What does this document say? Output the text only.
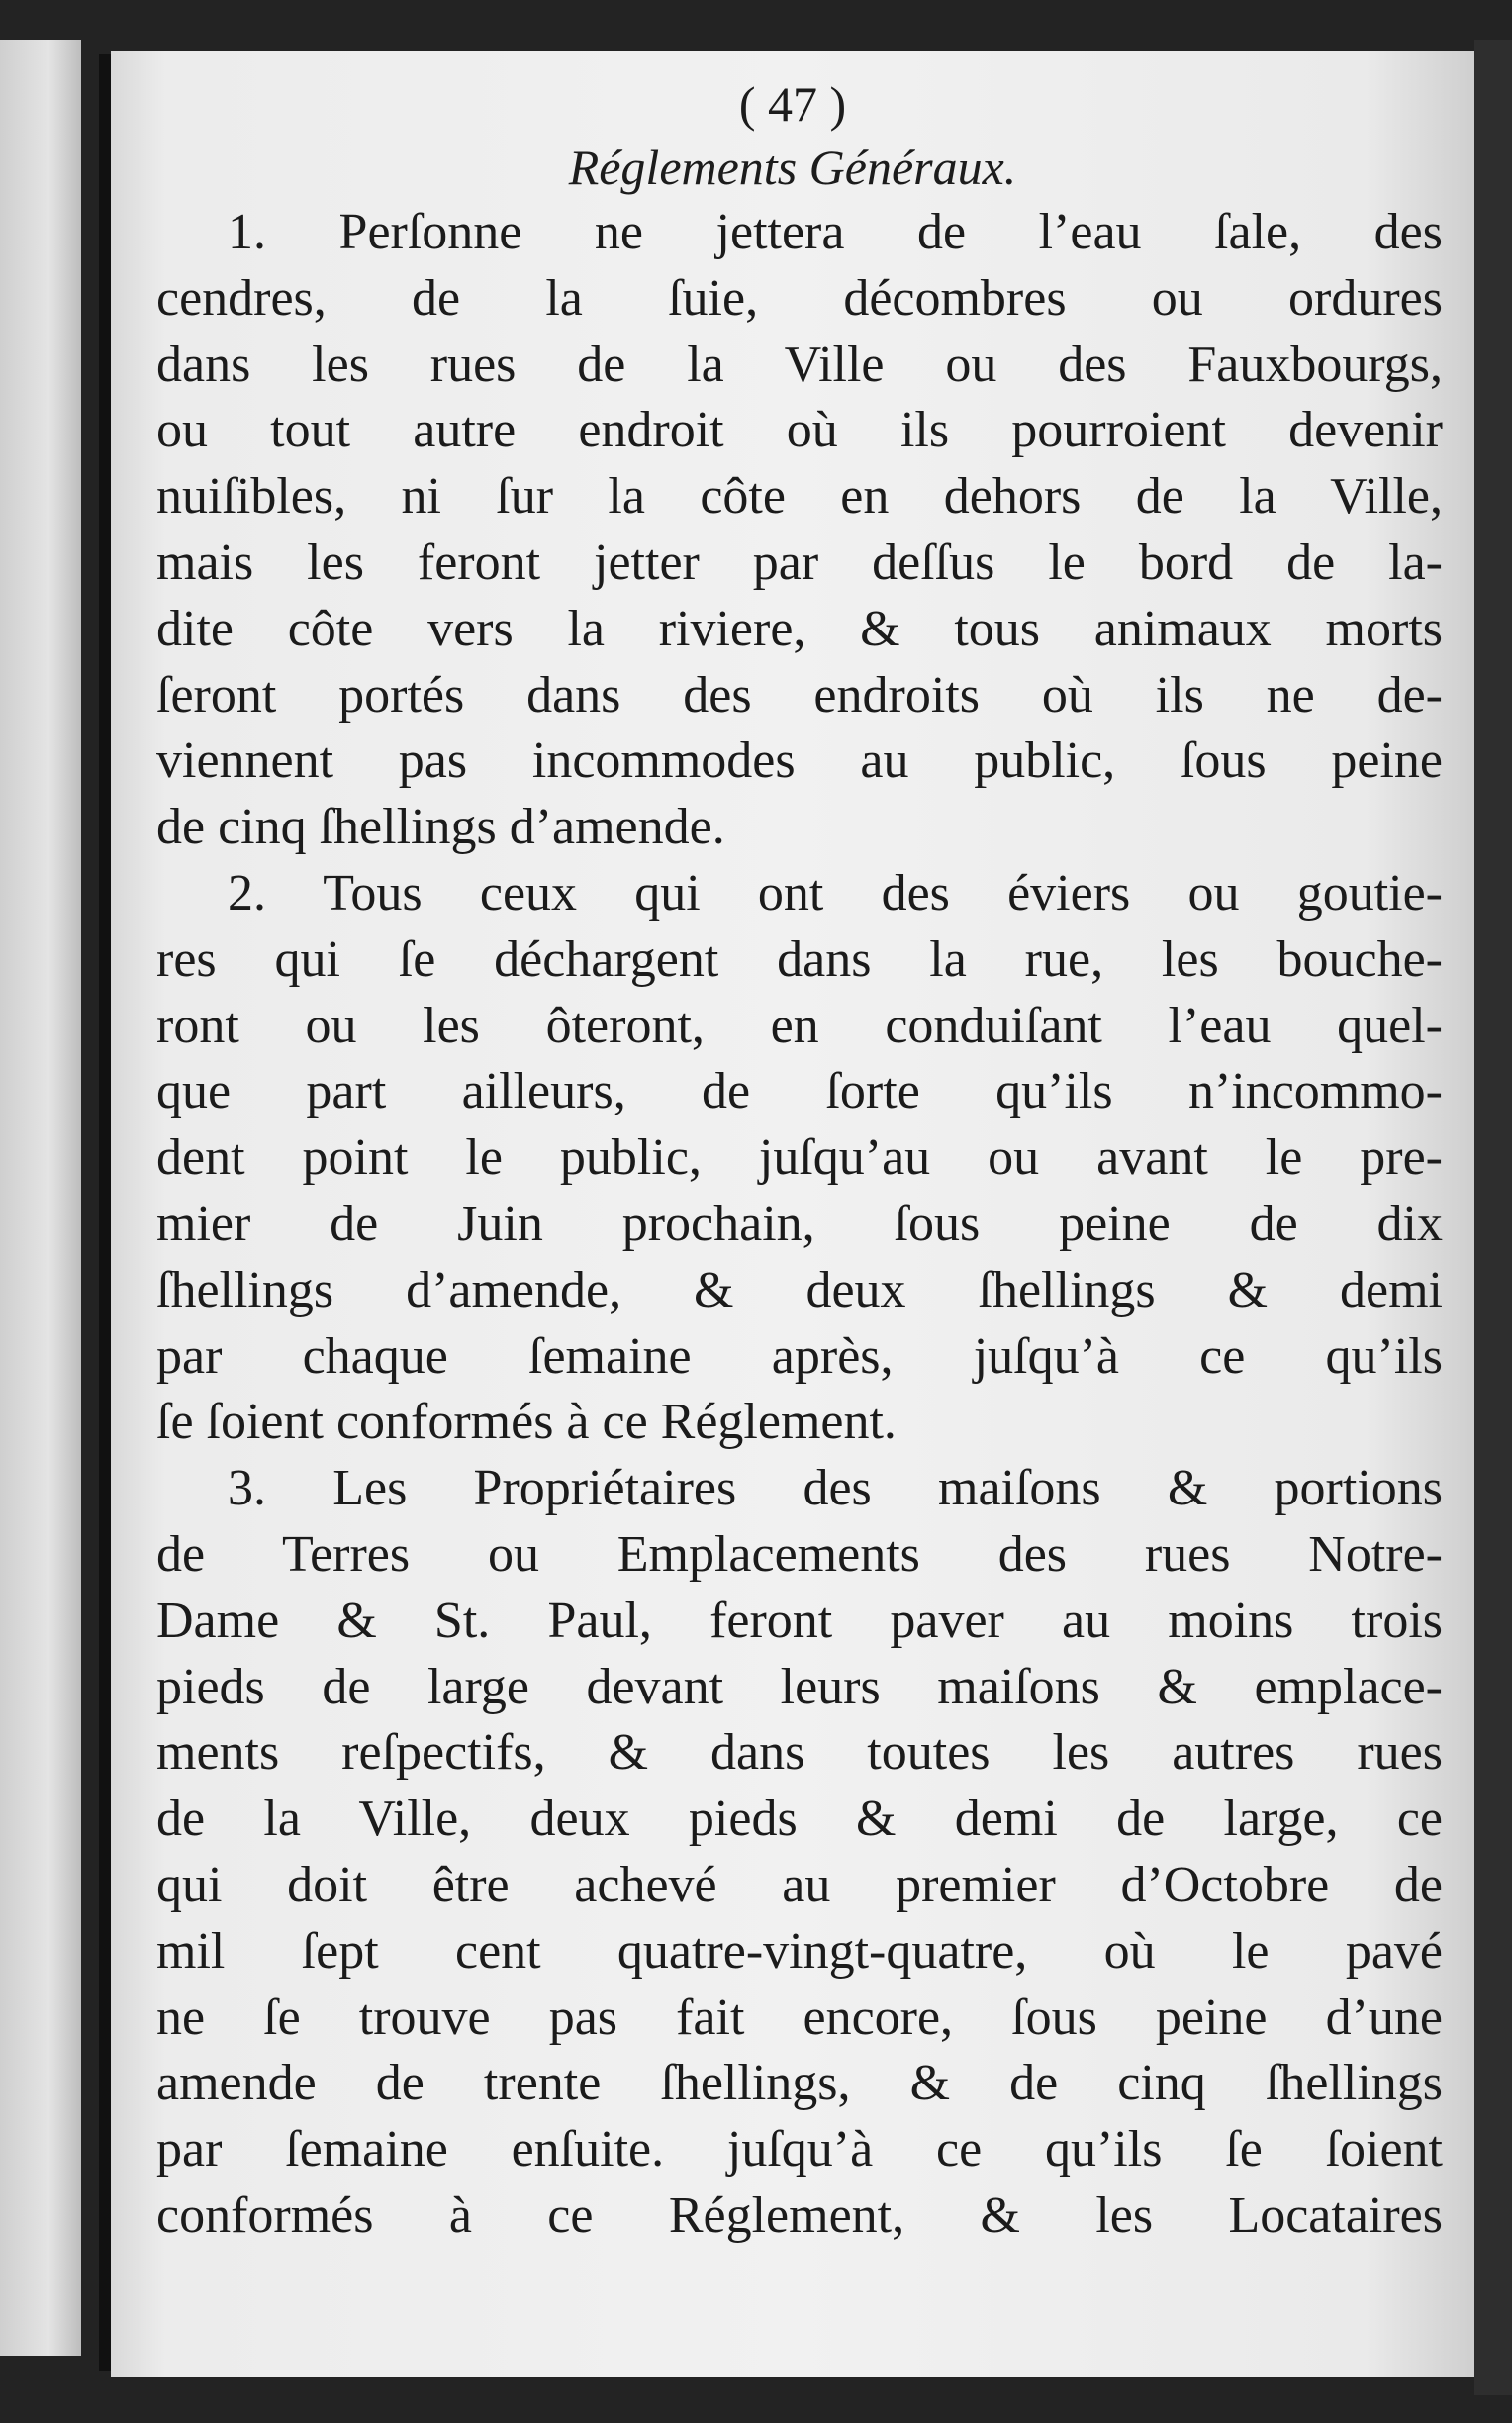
( 47 )
Réglements Généraux.
1. Perſonne ne jettera de l’eau ſale, des
cendres, de la ſuie, décombres ou ordures
dans les rues de la Ville ou des Fauxbourgs,
ou tout autre endroit où ils pourroient devenir
nuiſibles, ni ſur la côte en dehors de la Ville,
mais les feront jetter par deſſus le bord de la-
dite côte vers la riviere, & tous animaux morts
ſeront portés dans des endroits où ils ne de-
viennent pas incommodes au public, ſous peine
de cinq ſhellings d’amende.
2. Tous ceux qui ont des éviers ou goutie-
res qui ſe déchargent dans la rue, les bouche-
ront ou les ôteront, en conduiſant l’eau quel-
que part ailleurs, de ſorte qu’ils n’incommo-
dent point le public, juſqu’au ou avant le pre-
mier de Juin prochain, ſous peine de dix
ſhellings d’amende, & deux ſhellings & demi
par chaque ſemaine après, juſqu’à ce qu’ils
ſe ſoient conformés à ce Réglement.
3. Les Propriétaires des maiſons & portions
de Terres ou Emplacements des rues Notre-
Dame & St. Paul, feront paver au moins trois
pieds de large devant leurs maiſons & emplace-
ments reſpectifs, & dans toutes les autres rues
de la Ville, deux pieds & demi de large, ce
qui doit être achevé au premier d’Octobre de
mil ſept cent quatre-vingt-quatre, où le pavé
ne ſe trouve pas fait encore, ſous peine d’une
amende de trente ſhellings, & de cinq ſhellings
par ſemaine enſuite. juſqu’à ce qu’ils ſe ſoient
conformés à ce Réglement, & les Locataires
